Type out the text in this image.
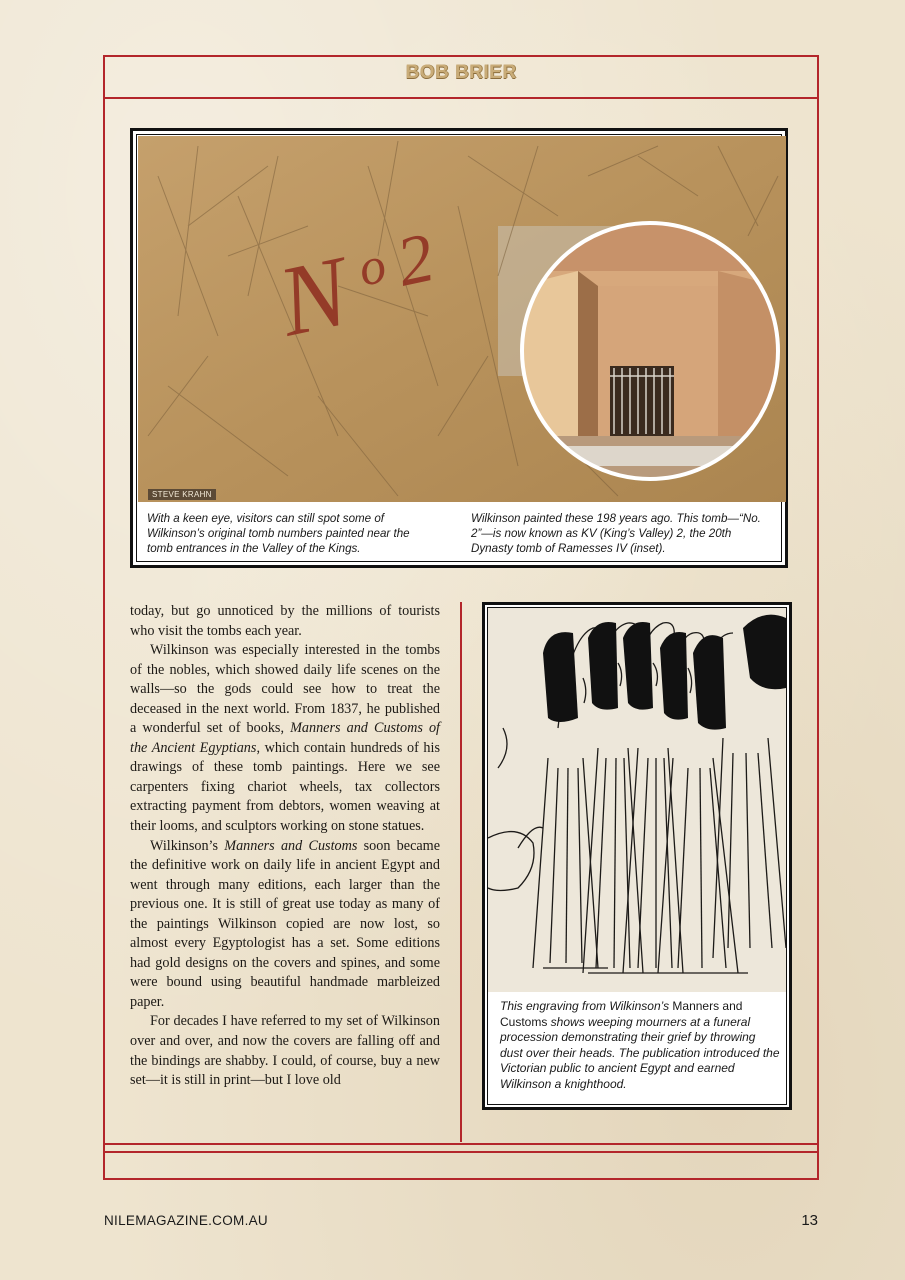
BOB BRIER
N
o 2
With a keen eye, visitors can still spot some of Wilkinson’s original tomb numbers painted near the tomb entrances in the Valley of the Kings.
Wilkinson painted these 198 years ago. This tomb—“No. 2”—is now known as KV (King’s Valley) 2, the 20th Dynasty tomb of Ramesses IV (inset).
STEVE KRAHN

today, but go unnoticed by the millions of tourists who visit the tombs each year.

Wilkinson was especially interested in the tombs of the nobles, which showed daily life scenes on the walls—so the gods could see how to treat the deceased in the next world. From 1837, he published a wonderful set of books, Manners and Customs of the Ancient Egyptians, which contain hundreds of his drawings of these tomb paintings. Here we see carpenters fixing chariot wheels, tax collectors extracting payment from debtors, women weaving at their looms, and sculptors working on stone statues.

Wilkinson’s Manners and Customs soon became the definitive work on daily life in ancient Egypt and went through many editions, each larger than the previous one. It is still of great use today as many of the paintings Wilkinson copied are now lost, so almost every Egyptologist has a set. Some editions had gold designs on the covers and spines, and some were bound using beautiful handmade marbleized paper.

For decades I have referred to my set of Wilkinson over and over, and now the covers are falling off and the bindings are shabby. I could, of course, buy a new set—it is still in print—but I love old

This engraving from Wilkinson’s Manners and Customs shows weeping mourners at a funeral procession demonstrating their grief by throwing dust over their heads. The publication introduced the Victorian public to ancient Egypt and earned Wilkinson a knighthood.
NILEMAGAZINE.COM.AU	13
